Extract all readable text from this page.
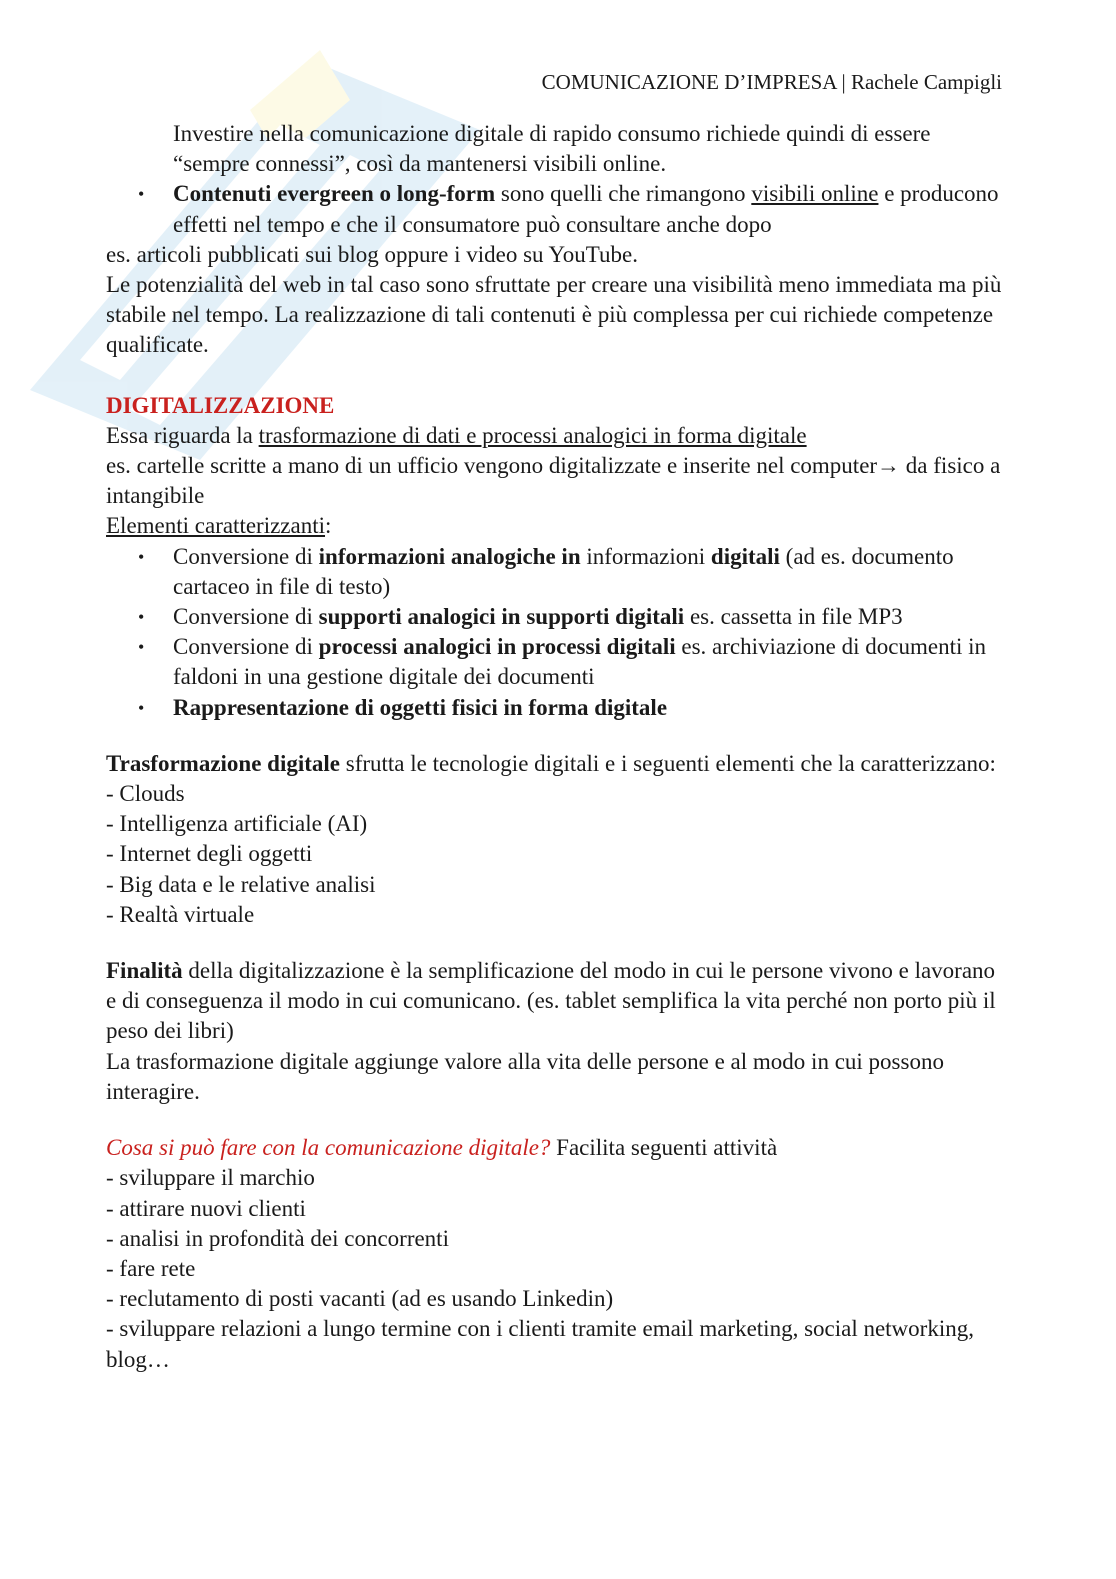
COMUNICAZIONE D’IMPRESA | Rachele Campigli

Investire nella comunicazione digitale di rapido consumo richiede quindi di essere “sempre connessi”, così da mantenersi visibili online.

• Contenuti evergreen o long-form sono quelli che rimangono visibili online e producono effetti nel tempo e che il consumatore può consultare anche dopo

es. articoli pubblicati sui blog oppure i video su YouTube.

Le potenzialità del web in tal caso sono sfruttate per creare una visibilità meno immediata ma più stabile nel tempo. La realizzazione di tali contenuti è più complessa per cui richiede competenze qualificate.

DIGITALIZZAZIONE

Essa riguarda la trasformazione di dati e processi analogici in forma digitale

es. cartelle scritte a mano di un ufficio vengono digitalizzate e inserite nel computer→ da fisico a intangibile

Elementi caratterizzanti:

• Conversione di informazioni analogiche in informazioni digitali (ad es. documento cartaceo in file di testo)
• Conversione di supporti analogici in supporti digitali es. cassetta in file MP3
• Conversione di processi analogici in processi digitali es. archiviazione di documenti in faldoni in una gestione digitale dei documenti
• Rappresentazione di oggetti fisici in forma digitale

Trasformazione digitale sfrutta le tecnologie digitali e i seguenti elementi che la caratterizzano:

- Clouds
- Intelligenza artificiale (AI)
- Internet degli oggetti
- Big data e le relative analisi
- Realtà virtuale

Finalità della digitalizzazione è la semplificazione del modo in cui le persone vivono e lavorano e di conseguenza il modo in cui comunicano. (es. tablet semplifica la vita perché non porto più il peso dei libri)

La trasformazione digitale aggiunge valore alla vita delle persone e al modo in cui possono interagire.

Cosa si può fare con la comunicazione digitale? Facilita seguenti attività

- sviluppare il marchio
- attirare nuovi clienti
- analisi in profondità dei concorrenti
- fare rete
- reclutamento di posti vacanti (ad es usando Linkedin)
- sviluppare relazioni a lungo termine con i clienti tramite email marketing, social networking, blog…
